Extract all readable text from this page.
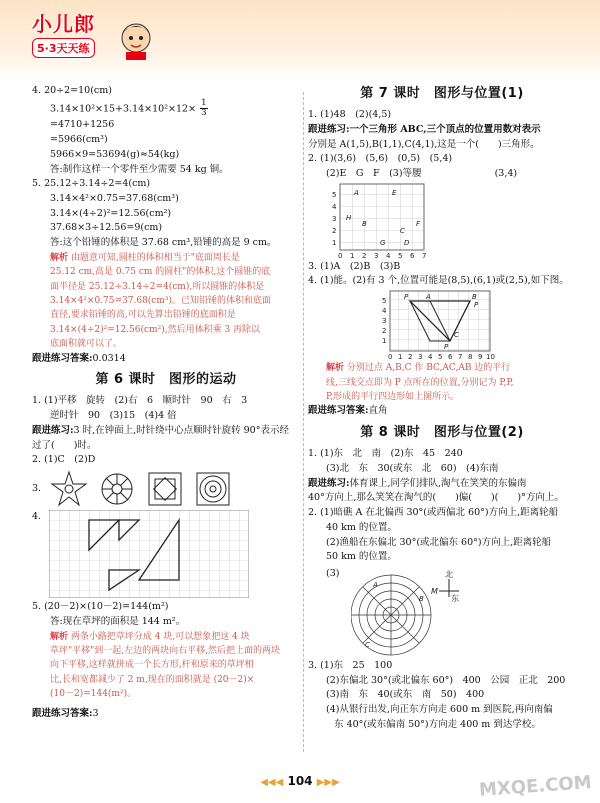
小儿郎
5·3天天练
4. 20÷2=10(cm)
$3.14\times 10^2\times 15+3.14\times 10^2\times 12\times \frac{1}{3}$
=4710+1256
=5966(cm³)
5966×9=53694(g)≈54(kg)
答:制作这样一个零件至少需要 54 kg 铜。
5. 25.12÷3.14÷2=4(cm)
3.14×4²×0.75=37.68(cm³)
3.14×(4÷2)²=12.56(cm²)
37.68×3÷12.56=9(cm)
答:这个铅锤的体积是 37.68 cm³,铅锤的高是 9 cm。
解析 由题意可知,圆柱的体积相当于"底面周长是
25.12 cm,高是 0.75 cm 的圆柱"的体积,这个圆锥的底
面半径是 25.12÷3.14÷2=4(cm),所以圆锥的体积是
3.14×4²×0.75=37.68(cm³)。已知铅锤的体积和底面
直径,要求铅锤的高,可以先算出铅锤的底面积是
3.14×(4÷2)²=12.56(cm²),然后用体积乘 3 再除以
底面积就可以了。
跟进练习答案:0.0314
第 6 课时　图形的运动
1. (1)平移　旋转　(2)右　6　顺时针　90　右　3
逆时针　90　(3)15　(4)4 倍
跟进练习:3 时,在钟面上,时针绕中心点顺时针旋转 90°表示经
过了(　　)时。
2. (1)C　(2)D
3.
4.
5. (20－2)×(10－2)=144(m²)
答:现在草坪的面积是 144 m²。
解析 两条小路把草坪分成 4 块,可以想象把这 4 块
草坪"平移"到一起,左边的两块向右平移,然后把上面的两块
向下平移,这样就拼成一个长方形,杆和原来的草坪相
比,长和宽都减少了 2 m,现在的面积就是 (20－2)×
(10－2)=144(m²)。
跟进练习答案:3
第 7 课时　图形与位置(1)
1. (1)48　(2)(4,5)
跟进练习:一个三角形 ABC,三个顶点的位置用数对表示
分别是 A(1,5),B(1,1),C(4,1),这是一个(　　)三角形。
2. (1)(3,6)　(5,6)　(0,5)　(5,4)
(2)E　G　F　(3)等腰	(3,4)
5
4
3
2
1
0 1 2 3 4 5 6 7
A	E
H
B	F
C
G	D
3. (1)A　(2)B　(3)B
4. (1)能。(2)有 3 个,位置可能是(8,5),(6,1)或(2,5),如下图。
5
4
3
2
1
0 1 2 3 4 5 6 7 8 9 10
P	A	B
C
P
P
解析 分别过点 A,B,C 作 BC,AC,AB 边的平行
线,三线交点即为 P 点所在的位置,分别记为 P,P,
P,形成的平行四边形如上图所示。
跟进练习答案:直角
第 8 课时　图形与位置(2)
1. (1)东　北　南　(2)东　45　240
(3)北　东　30(或东　北　60)　(4)东南
跟进练习:体育课上,同学们排队,淘气在笑笑的东偏南
40°方向上,那么笑笑在淘气的(　　)偏(　　)(　　)°方向上。
2. (1)暗礁 A 在北偏西 30°(或西偏北 60°)方向上,距离轮船
40 km 的位置。
(2)渔船在东偏北 30°(或北偏东 60°)方向上,距离轮船
50 km 的位置。
(3)
A
B
C
北
M
东
3. (1)东　25　100
(2)东偏北 30°(或北偏东 60°)　400　公园　正北　200
(3)南　东　40(或东　南　50)　400
(4)从银行出发,向正东方向走 600 m 到医院,再向南偏
东 40°(或东偏南 50°)方向走 400 m 到达学校。
◀◀◀ 104 ▶▶▶	MXQE.COM
